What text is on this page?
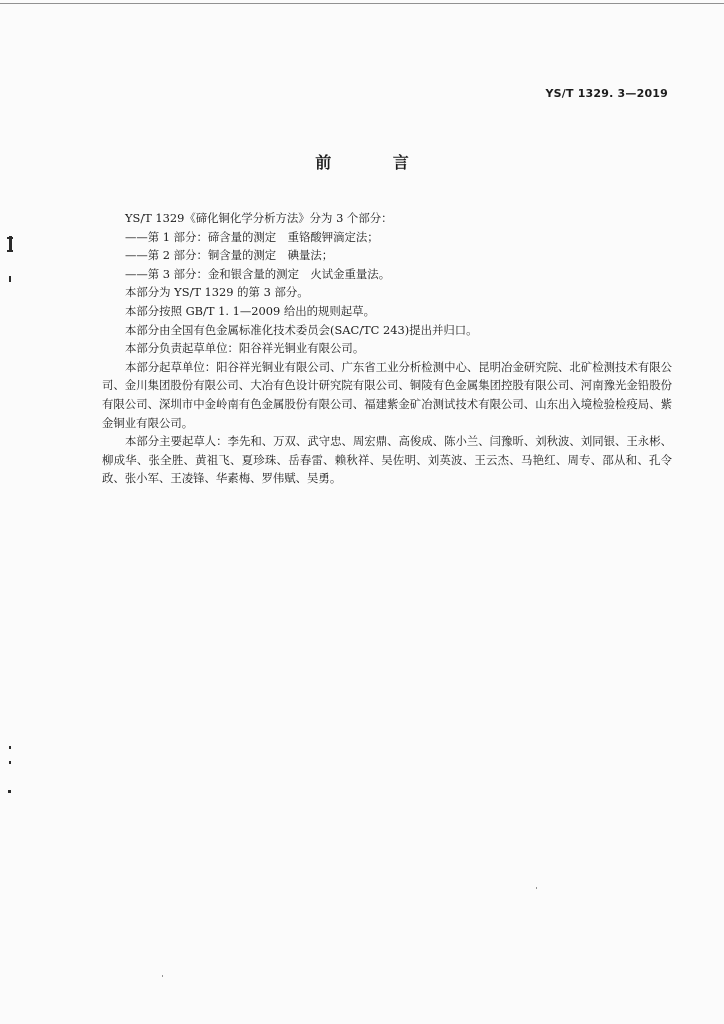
YS/T 1329. 3—2019
前 言

YS/T 1329《碲化铜化学分析方法》分为 3 个部分：

——第 1 部分：碲含量的测定　重铬酸钾滴定法；

——第 2 部分：铜含量的测定　碘量法；

——第 3 部分：金和银含量的测定　火试金重量法。

本部分为 YS/T 1329 的第 3 部分。

本部分按照 GB/T 1. 1—2009 给出的规则起草。

本部分由全国有色金属标准化技术委员会(SAC/TC 243)提出并归口。

本部分负责起草单位：阳谷祥光铜业有限公司。

本部分起草单位：阳谷祥光铜业有限公司、广东省工业分析检测中心、昆明冶金研究院、北矿检测技术有限公司、金川集团股份有限公司、大冶有色设计研究院有限公司、铜陵有色金属集团控股有限公司、河南豫光金铅股份有限公司、深圳市中金岭南有色金属股份有限公司、福建紫金矿冶测试技术有限公司、山东出入境检验检疫局、紫金铜业有限公司。

本部分主要起草人：李先和、万双、武守忠、周宏鼎、高俊成、陈小兰、闫豫昕、刘秋波、刘同银、王永彬、柳成华、张全胜、黄祖飞、夏珍珠、岳春雷、赖秋祥、吴佐明、刘英波、王云杰、马艳红、周专、邵从和、孔令政、张小军、王凌锋、华素梅、罗伟赋、吴勇。
